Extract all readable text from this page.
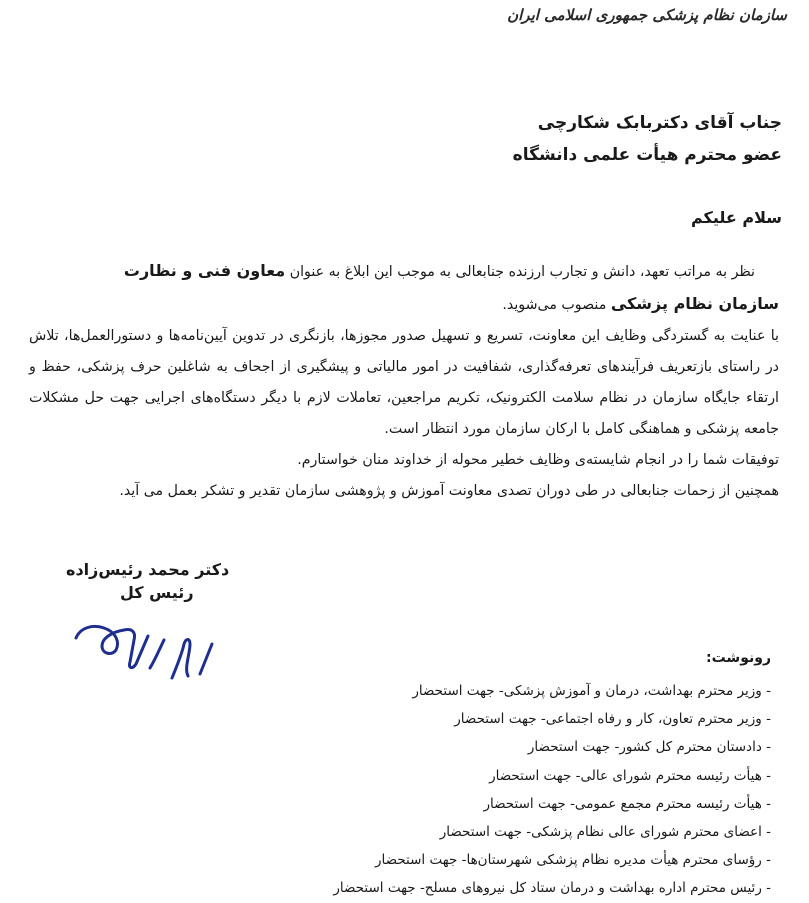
سازمان نظام پزشکی جمهوری اسلامی ایران
جناب آقای دکتربابک شکارچی
عضو محترم هیأت علمی دانشگاه
سلام علیکم

نظر به مراتب تعهد، دانش و تجارب ارزنده جنابعالی به موجب این ابلاغ به عنوان معاون فنی و نظارت
سازمان نظام پزشکی منصوب می‌شوید.

با عنایت به گستردگی وظایف این معاونت، تسریع و تسهیل صدور مجوزها، بازنگری در تدوین آیین‌نامه‌ها و دستورالعمل‌ها، تلاش در راستای بازتعریف فرآیندهای تعرفه‌گذاری، شفافیت در امور مالیاتی و پیشگیری از اجحاف به شاغلین حرف پزشکی، حفظ و ارتقاء جایگاه سازمان در نظام سلامت الکترونیک، تکریم مراجعین، تعاملات لازم با دیگر دستگاه‌های اجرایی جهت حل مشکلات جامعه پزشکی و هماهنگی کامل با ارکان سازمان مورد انتظار است.

توفیقات شما را در انجام شایسته‌ی وظایف خطیر محوله از خداوند منان خواستارم.

همچنین از زحمات جنابعالی در طی دوران تصدی معاونت آموزش و پژوهشی سازمان تقدیر و تشکر بعمل می آید.

دکتر محمد رئیس‌زاده
رئیس کل
رونوشت:
- وزیر محترم بهداشت، درمان و آموزش پزشکی- جهت استحضار
- وزیر محترم تعاون، کار و رفاه اجتماعی- جهت استحضار
- دادستان محترم کل کشور- جهت استحضار
- هیأت رئیسه محترم شورای عالی- جهت استحضار
- هیأت رئیسه محترم مجمع عمومی- جهت استحضار
- اعضای محترم شورای عالی نظام پزشکی- جهت استحضار
- رؤسای محترم هیأت مدیره نظام پزشکی شهرستان‌ها- جهت استحضار
- رئیس محترم اداره بهداشت و درمان ستاد کل نیروهای مسلح- جهت استحضار
